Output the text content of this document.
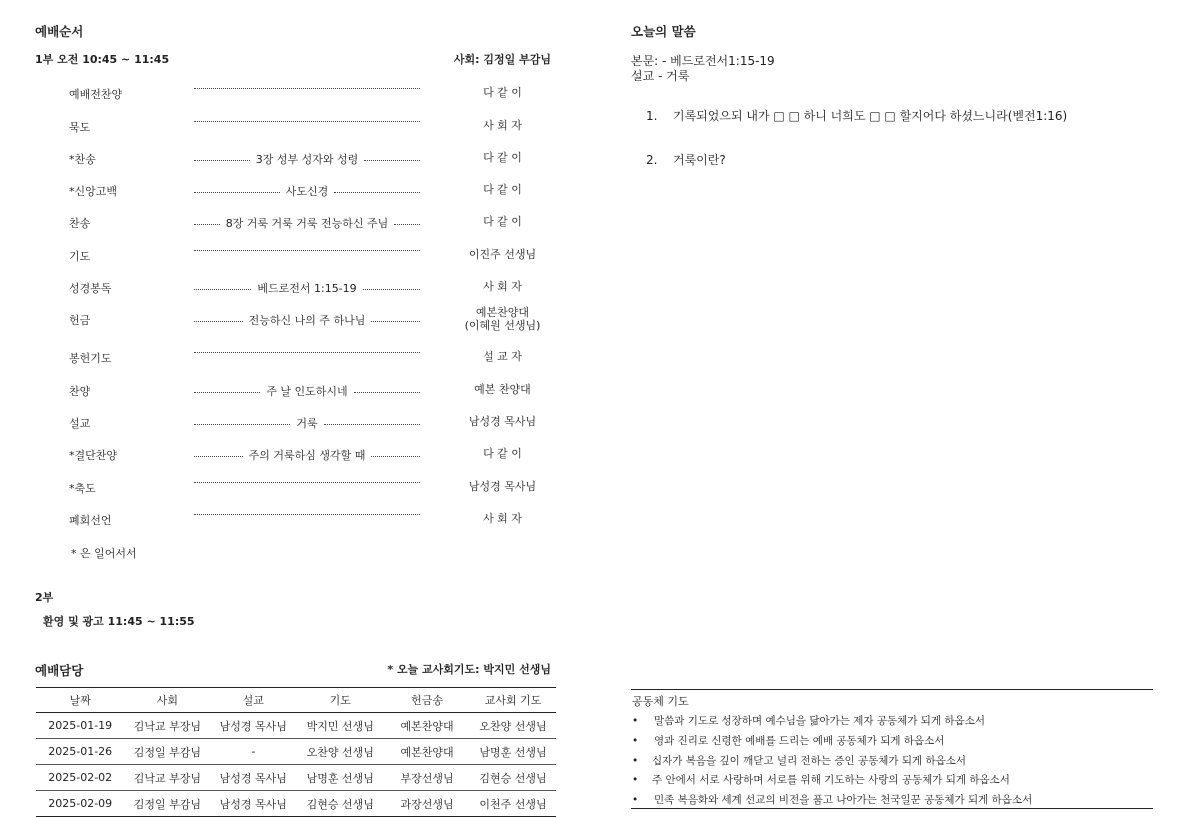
예배순서
1부 오전 10:45 ~ 11:45	사회: 김정일 부감님
예배전찬양	다 같 이
묵도	사 회 자
*찬송	3장 성부 성자와 성령	다 같 이
*신앙고백	사도신경	다 같 이
찬송	8장 거룩 거룩 거룩 전능하신 주님	다 같 이
기도	이진주 선생님
성경봉독	베드로전서 1:15-19	사 회 자
헌금	전능하신 나의 주 하나님
예본찬양대
(이혜원 선생님)
봉헌기도	설 교 자
찬양	주 날 인도하시네	예본 찬양대
설교	거룩	남성경 목사님
*결단찬양	주의 거룩하심 생각할 때	다 같 이
*축도	남성경 목사님
폐회선언	사 회 자
* 은 일어서서
2부
환영 및 광고 11:45 ~ 11:55
예배담당	* 오늘 교사회기도: 박지민 선생님
날짜	사회	설교	기도	헌금송	교사회 기도
2025-01-19	김낙교 부장님	남성경 목사님	박지민 선생님	예본찬양대	오찬양 선생님
2025-01-26	김정일 부감님	-	오찬양 선생님	예본찬양대	남명훈 선생님
2025-02-02	김낙교 부장님	남성경 목사님	남명훈 선생님	부장선생님	김현승 선생님
2025-02-09	김정일 부감님	남성경 목사님	김현승 선생님	과장선생님	이천주 선생님
오늘의 말씀
본문: - 베드로전서1:15-19
설교 - 거룩
1. 기록되었으되 내가 □ □ 하니 너희도 □ □ 할지어다 하셨느니라(벧전1:16)
2. 거룩이란?
공동체 기도
• 말씀과 기도로 성장하며 예수님을 닮아가는 제자 공동체가 되게 하옵소서
• 영과 진리로 신령한 예배를 드리는 예배 공동체가 되게 하옵소서
• 십자가 복음을 깊이 깨닫고 널리 전하는 증인 공동체가 되게 하옵소서
• 주 안에서 서로 사랑하며 서로를 위해 기도하는 사랑의 공동체가 되게 하옵소서
• 민족 복음화와 세계 선교의 비전을 품고 나아가는 천국일꾼 공동체가 되게 하옵소서
